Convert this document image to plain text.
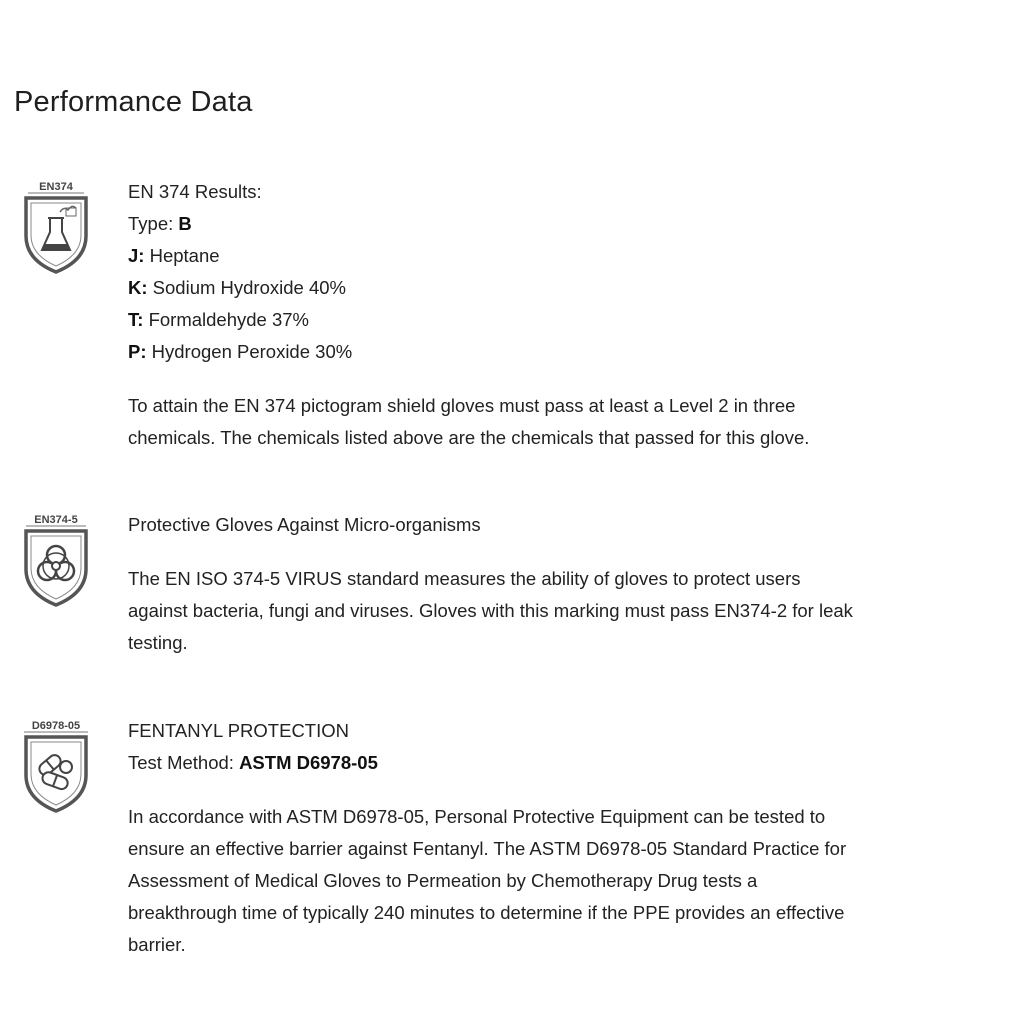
Performance Data
EN374	EN 374 Results:
Type: B
J: Heptane
K: Sodium Hydroxide 40%
T: Formaldehyde 37%
P: Hydrogen Peroxide 30%
To attain the EN 374 pictogram shield gloves must pass at least a Level 2 in three
chemicals. The chemicals listed above are the chemicals that passed for this glove.
EN374-5	Protective Gloves Against Micro-organisms
The EN ISO 374-5 VIRUS standard measures the ability of gloves to protect users
against bacteria, fungi and viruses. Gloves with this marking must pass EN374-2 for leak
testing.
D6978-05	FENTANYL PROTECTION
Test Method: ASTM D6978-05
In accordance with ASTM D6978-05, Personal Protective Equipment can be tested to
ensure an effective barrier against Fentanyl. The ASTM D6978-05 Standard Practice for
Assessment of Medical Gloves to Permeation by Chemotherapy Drug tests a
breakthrough time of typically 240 minutes to determine if the PPE provides an effective
barrier.
